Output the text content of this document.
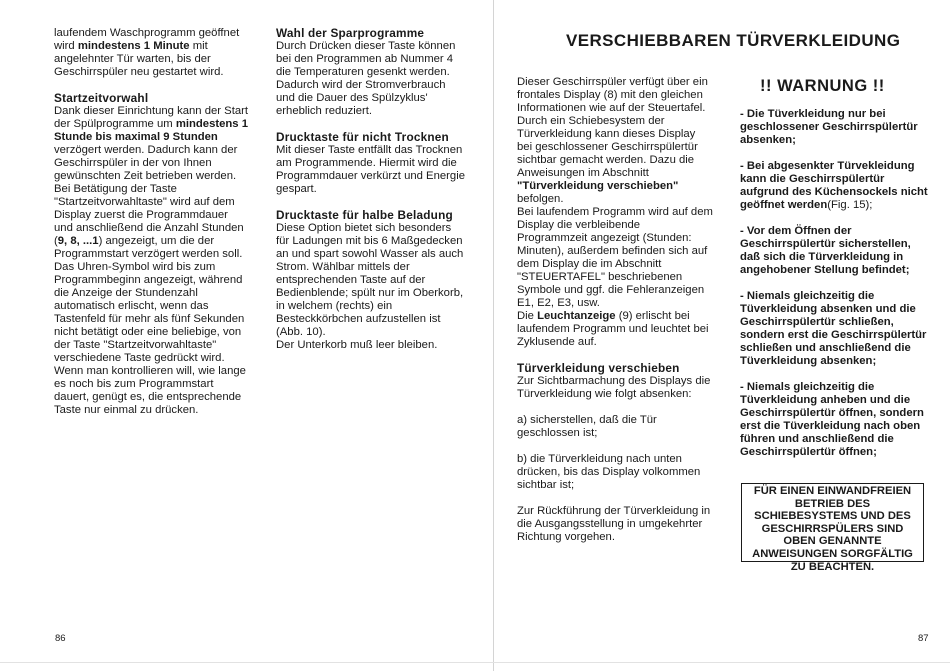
laufendem Waschprogramm geöffnet wird mindestens 1 Minute mit angelehnter Tür warten, bis der Geschirrspüler neu gestartet wird.

Startzeitvorwahl

Dank dieser Einrichtung kann der Start der Spülprogramme um mindestens 1 Stunde bis maximal 9 Stunden verzögert werden. Dadurch kann der Geschirrspüler in der von Ihnen gewünschten Zeit betrieben werden. Bei Betätigung der Taste "Startzeitvorwahltaste" wird auf dem Display zuerst die Programmdauer und anschließend die Anzahl Stunden (9, 8, ...1) angezeigt, um die der Programmstart verzögert werden soll. Das Uhren-Symbol wird bis zum Programmbeginn angezeigt, während die Anzeige der Stundenzahl automatisch erlischt, wenn das Tastenfeld für mehr als fünf Sekunden nicht betätigt oder eine beliebige, von der Taste "Startzeitvorwahltaste" verschiedene Taste gedrückt wird. Wenn man kontrollieren will, wie lange es noch bis zum Programmstart dauert, genügt es, die entsprechende Taste nur einmal zu drücken.

Wahl der Sparprogramme

Durch Drücken dieser Taste können bei den Programmen ab Nummer 4 die Temperaturen gesenkt werden. Dadurch wird der Stromverbrauch und die Dauer des Spülzyklus' erheblich reduziert.

Drucktaste für nicht Trocknen

Mit dieser Taste entfällt das Trocknen am Programmende. Hiermit wird die Programmdauer verkürzt und Energie gespart.

Drucktaste für halbe Beladung

Diese Option bietet sich besonders für Ladungen mit bis 6 Maßgedecken an und spart sowohl Wasser als auch Strom. Wählbar mittels der entsprechenden Taste auf der Bedienblende; spült nur im Oberkorb, in welchem (rechts) ein Besteckkörbchen aufzustellen ist (Abb. 10).

Der Unterkorb muß leer bleiben.

86
VERSCHIEBBAREN TÜRVERKLEIDUNG

Dieser Geschirrspüler verfügt über ein frontales Display (8) mit den gleichen Informationen wie auf der Steuertafel. Durch ein Schiebesystem der Türverkleidung kann dieses Display bei geschlossener Geschirrspülertür sichtbar gemacht werden. Dazu die Anweisungen im Abschnitt "Türverkleidung verschieben" befolgen.

Bei laufendem Programm wird auf dem Display die verbleibende Programmzeit angezeigt (Stunden: Minuten), außerdem befinden sich auf dem Display die im Abschnitt "STEUERTAFEL" beschriebenen Symbole und ggf. die Fehleranzeigen E1, E2, E3, usw.

Die Leuchtanzeige (9) erlischt bei laufendem Programm und leuchtet bei Zyklusende auf.

Türverkleidung verschieben

Zur Sichtbarmachung des Displays die Türverkleidung wie folgt absenken:

a) sicherstellen, daß die Tür geschlossen ist;

b) die Türverkleidung nach unten drücken, bis das Display volkommen sichtbar ist;

Zur Rückführung der Türverkleidung in die Ausgangsstellung in umgekehrter Richtung vorgehen.

!! WARNUNG !!

- Die Tüverkleidung nur bei geschlossener Geschirrspülertür absenken;

- Bei abgesenkter Türvekleidung kann die Geschirrspülertür aufgrund des Küchensockels nicht geöffnet werden(Fig. 15);

- Vor dem Öffnen der Geschirrspülertür sicherstellen, daß sich die Türverkleidung in angehobener Stellung befindet;

- Niemals gleichzeitig die Tüverkleidung absenken und die Geschirrspülertür schließen, sondern erst die Geschirrspülertür schließen und anschließend die Tüverkleidung absenken;

- Niemals gleichzeitig die Tüverkleidung anheben und die Geschirrspülertür öffnen, sondern erst die Tüverkleidung nach oben führen und anschließend die Geschirrspülertür öffnen;

FÜR EINEN EINWANDFREIEN BETRIEB DES SCHIEBESYSTEMS UND DES GESCHIRRSPÜLERS SIND OBEN GENANNTE ANWEISUNGEN SORGFÄLTIG ZU BEACHTEN.
87
